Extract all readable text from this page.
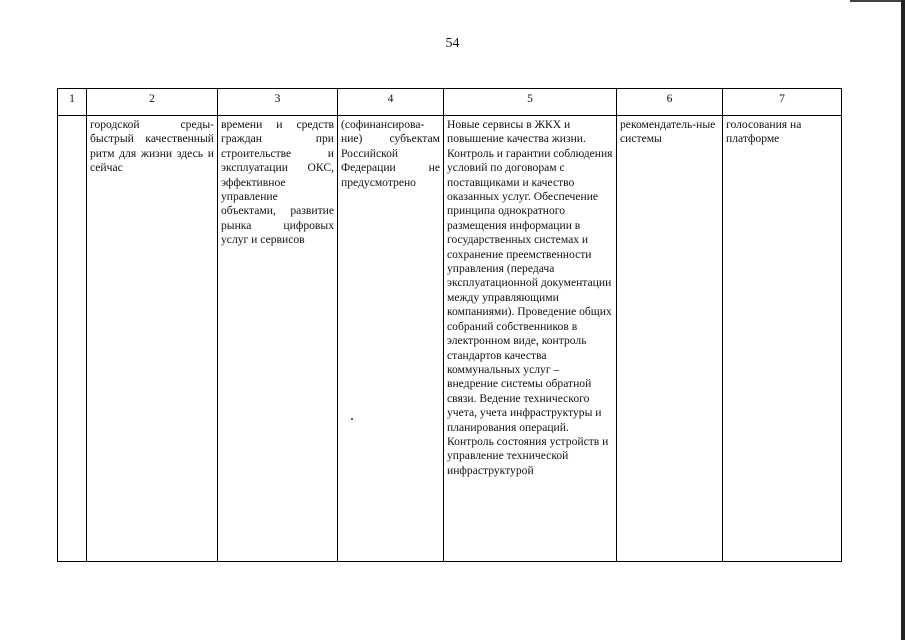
54
1	2	3	4	5	6	7
	городской среды-быстрый качественный ритм для жизни здесь и сейчас	времени и средств граждан при строительстве и эксплуатации ОКС, эффективное управление объектами, развитие рынка цифровых услуг и сервисов	(софинансирова-ние) субъектам Российской Федерации не предусмотрено	Новые сервисы в ЖКХ и повышение качества жизни. Контроль и гарантии соблюдения условий по договорам с поставщиками и качество оказанных услуг. Обеспечение принципа однократного размещения информации в государственных системах и сохранение преемственности управления (передача эксплуатационной документации между управляющими компаниями). Проведение общих собраний собственников в электронном виде, контроль стандартов качества коммунальных услуг – внедрение системы обратной связи. Ведение технического учета, учета инфраструктуры и планирования операций. Контроль состояния устройств и управление технической инфраструктурой	рекомендатель-ные системы	голосования на платформе
